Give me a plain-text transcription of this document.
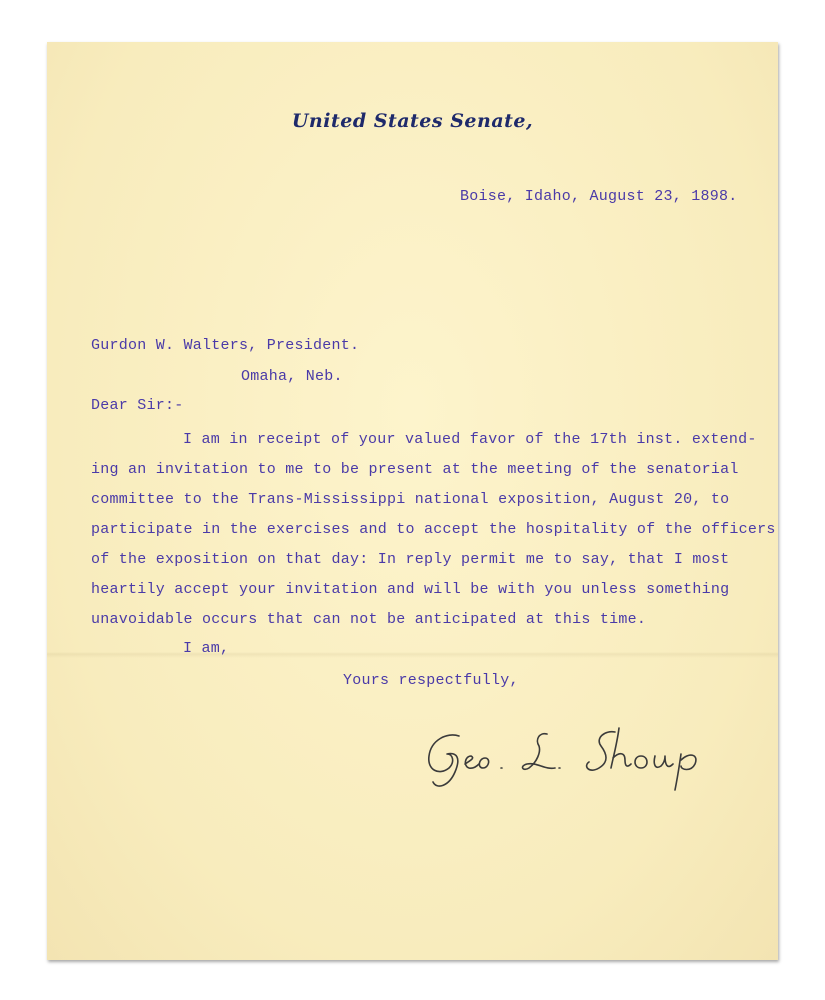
United States Senate,
Boise, Idaho, August 23, 1898.
Gurdon W. Walters, President.
Omaha, Neb.
Dear Sir:-
I am in receipt of your valued favor of the 17th inst. extend-
ing an invitation to me to be present at the meeting of the senatorial
committee to the Trans-Mississippi national exposition, August 20, to
participate in the exercises and to accept the hospitality of the officers
of the exposition on that day: In reply permit me to say, that I most
heartily accept your invitation and will be with you unless something
unavoidable occurs that can not be anticipated at this time.
I am,
Yours respectfully,
